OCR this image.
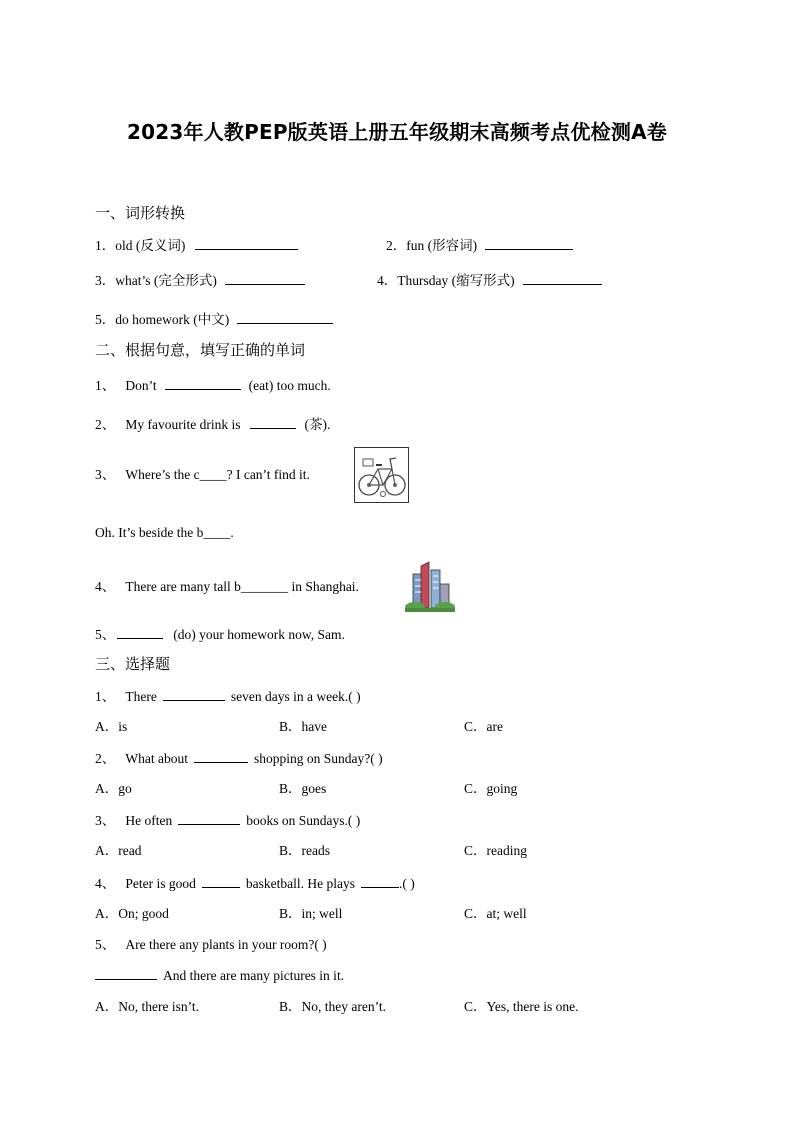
2023年人教PEP版英语上册五年级期末高频考点优检测A卷
一、词形转换
1．old (反义词)	2．fun (形容词)
3．what’s (完全形式)	4．Thursday (缩写形式)
5．do homework (中文)
二、根据句意，填写正确的单词
1、 Don’t	(eat) too much.
2、 My favourite drink is	(茶).
3、 Where’s the c____? I can’t find it.
Oh. It’s beside the b____.
4、 There are many tall b_______ in Shanghai.
5、	(do) your homework now, Sam.
三、选择题
1、 There	seven days in a week.( )
A．is	B．have	C．are
2、 What about	shopping on Sunday?( )
A．go	B．goes	C．going
3、 He often	books on Sundays.( )
A．read	B．reads	C．reading
4、 Peter is good	basketball. He plays	.( )
A．On; good	B．in; well	C．at; well
5、 Are there any plants in your room?( )
And there are many pictures in it.
A．No, there isn’t.	B．No, they aren’t.	C．Yes, there is one.
